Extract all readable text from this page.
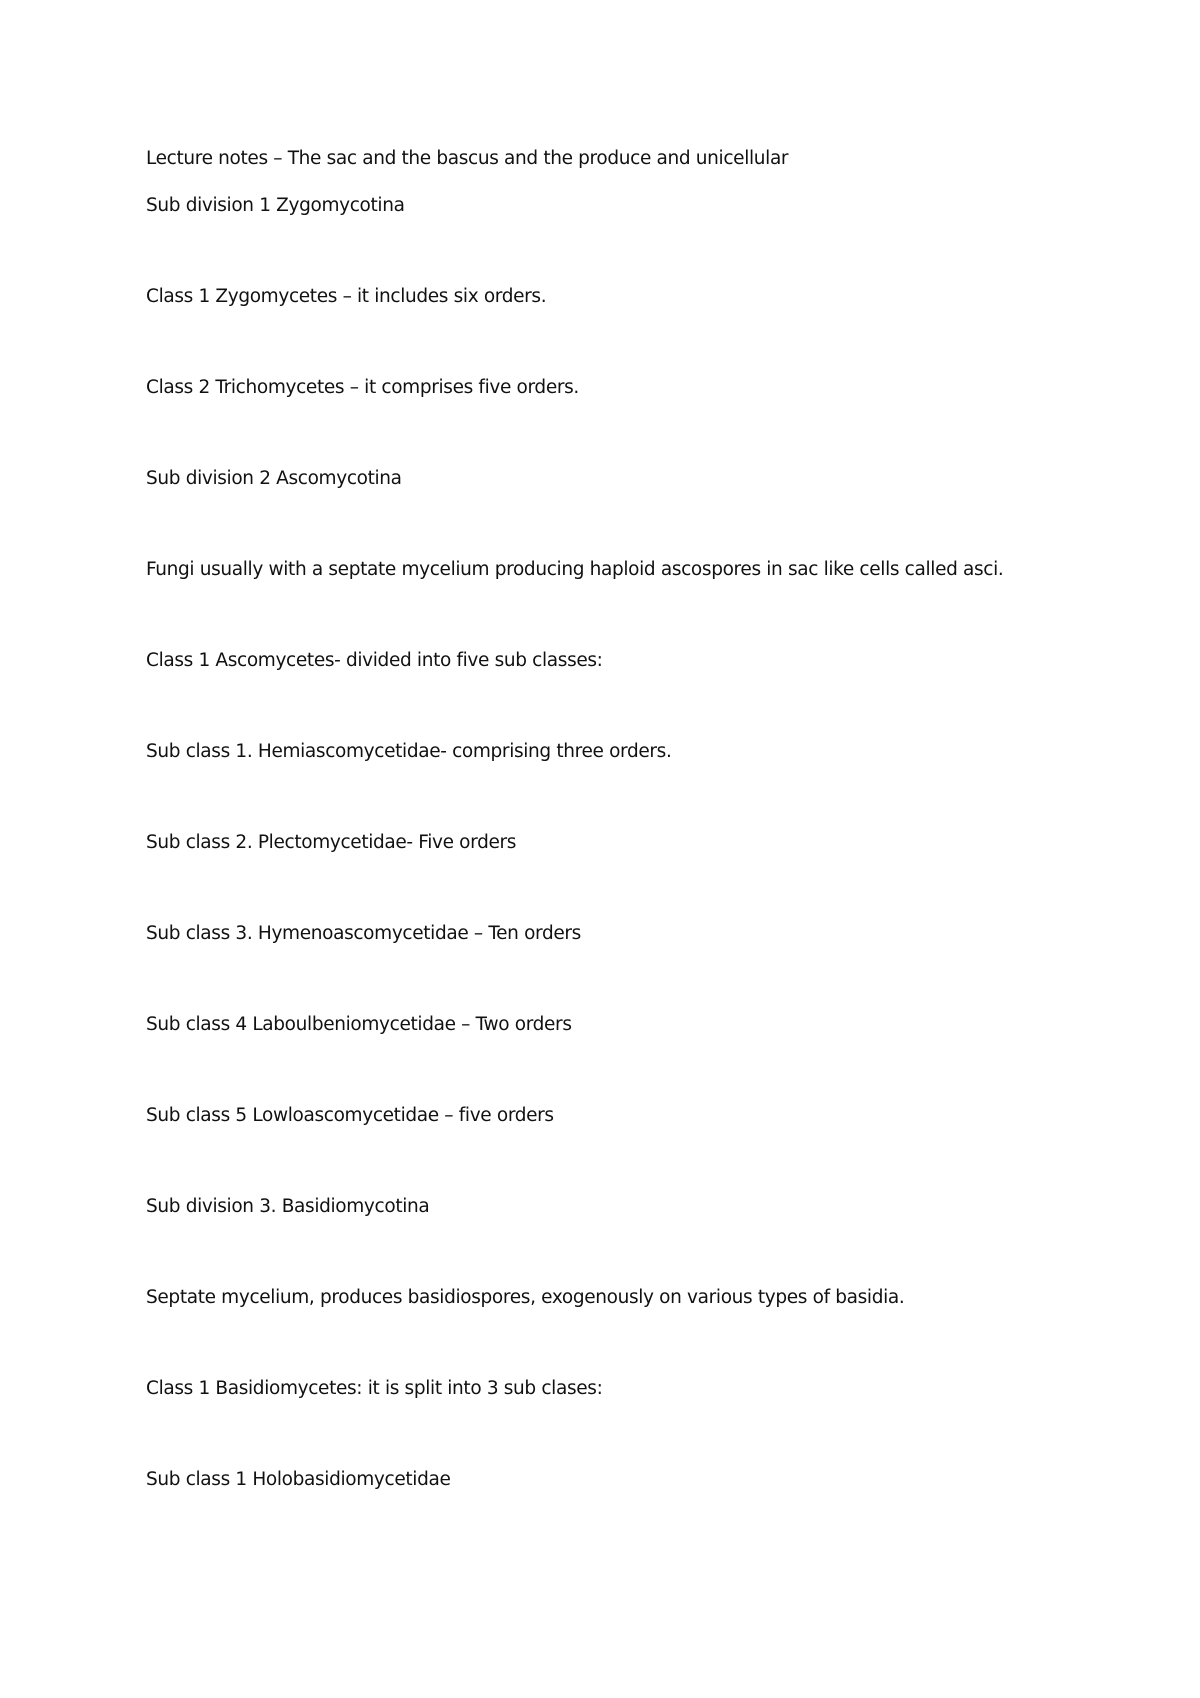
Lecture notes – The sac and the bascus and the produce and unicellular
Sub division 1 Zygomycotina
Class 1 Zygomycetes – it includes six orders.
Class 2 Trichomycetes – it comprises five orders.
Sub division 2 Ascomycotina
Fungi usually with a septate mycelium producing haploid ascospores in sac like cells called asci.
Class 1 Ascomycetes- divided into five sub classes:
Sub class 1. Hemiascomycetidae- comprising three orders.
Sub class 2. Plectomycetidae- Five orders
Sub class 3. Hymenoascomycetidae – Ten orders
Sub class 4 Laboulbeniomycetidae – Two orders
Sub class 5 Lowloascomycetidae – five orders
Sub division 3. Basidiomycotina
Septate mycelium, produces basidiospores, exogenously on various types of basidia.
Class 1 Basidiomycetes: it is split into 3 sub clases:
Sub class 1 Holobasidiomycetidae
